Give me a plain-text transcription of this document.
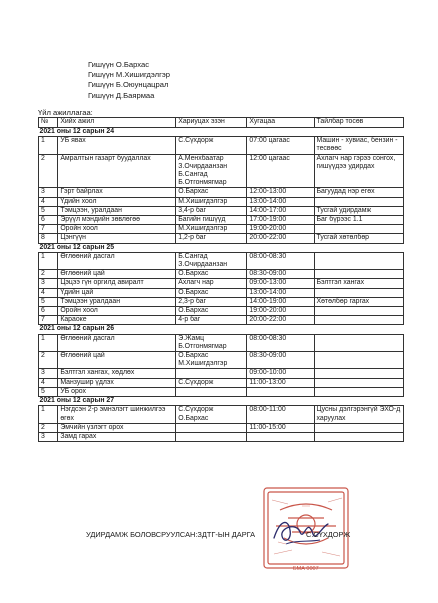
Гишүүн О.Бархас
Гишүүн М.Хишигдэлгэр
Гишүүн Б.Оюунцацрал
Гишүүн Д.Баярмаа
Үйл ажиллагаа:
№	Хийх ажил	Хариуцах эзэн	Хугацаа	Тайлбар тосөв
2021 оны 12 сарын 24				
1	УБ явах	С.Сүхдорж	07:00 цагаас	Машин - хувиас, бензин - тесвөөс
2	Амралтын газарт буудаллах	А.Менхбаатар
З.Очирдаанзан
Б.Сангад
Б.Отгонмягмар	12:00 цагаас	Ахлагч нар гэрээ сонгох, гишүүдээ удирдах
3	Гэрт байрлах	О.Бархас	12:00-13:00	Багуудад нэр егөх
4	Үдийн хоол	М.Хишигдэлгэр	13:00-14:00	
5	Тэмцээн, уралдаан	3,4-р баг	14:00-17:00	Тусгай удирдамж
6	Эрүүл мэндийн зөвлөгөө	Багийн гишүүд	17:00-19:00	Баг бүрээс 1.1
7	Оройн хоол	М.Хишигдэлгэр	19:00-20:00	
8	Цэнгүүн	1,2-р баг	20:00-22:00	Тусгай хөтөлбөр
2021 оны 12 сарын 25				
1	Өглөөний дасгал	Б.Сангад
З.Очирдаанзан	08:00-08:30	
2	Өглөөний цай	О.Бархас	08:30-09:00	
3	Цэцээ гүн оргилд авиралт	Ахлагч нар	09:00-13:00	Бэлтгэл хангах
4	Үдийн цай	О.Бархас	13:00-14:00	
5	Тэмцээн уралдаан	2,3-р баг	14:00-19:00	Хөтөлбөр гаргах
6	Оройн хоол	О.Бархас	19:00-20:00	
7	Караоке	4-р баг	20:00-22:00	
2021 оны 12 сарын 26				
1	Өглөөний дасгал	Э.Жамц
Б.Отгонмягмар	08:00-08:30	
2	Өглөөний цай	О.Бархас
М.Хишигдэлгэр	08:30-09:00	
3	Бэлтгэл хангах, хөдлөх		09:00-10:00	
4	Манзушир үдлэх	С.Сүхдорж	11:00-13:00	
5	УБ орох			
2021 оны 12 сарын 27				
1	Нэгдсэн 2-р эмнэлэгт шинжилгээ өгөх	С.Сүхдорж
О.Бархас	08:00-11:00	Цусны дэлгэрэнгүй ЭХО-д харуулах
2	Эмчийн үзлэгт орох		11:00-15:00	
3	Замд гарах			
БМА 0007
УДИРДАМЖ БОЛОВСРУУЛСАН:ЗДТГ-ЫН ДАРГА	С.СҮХДОРЖ
